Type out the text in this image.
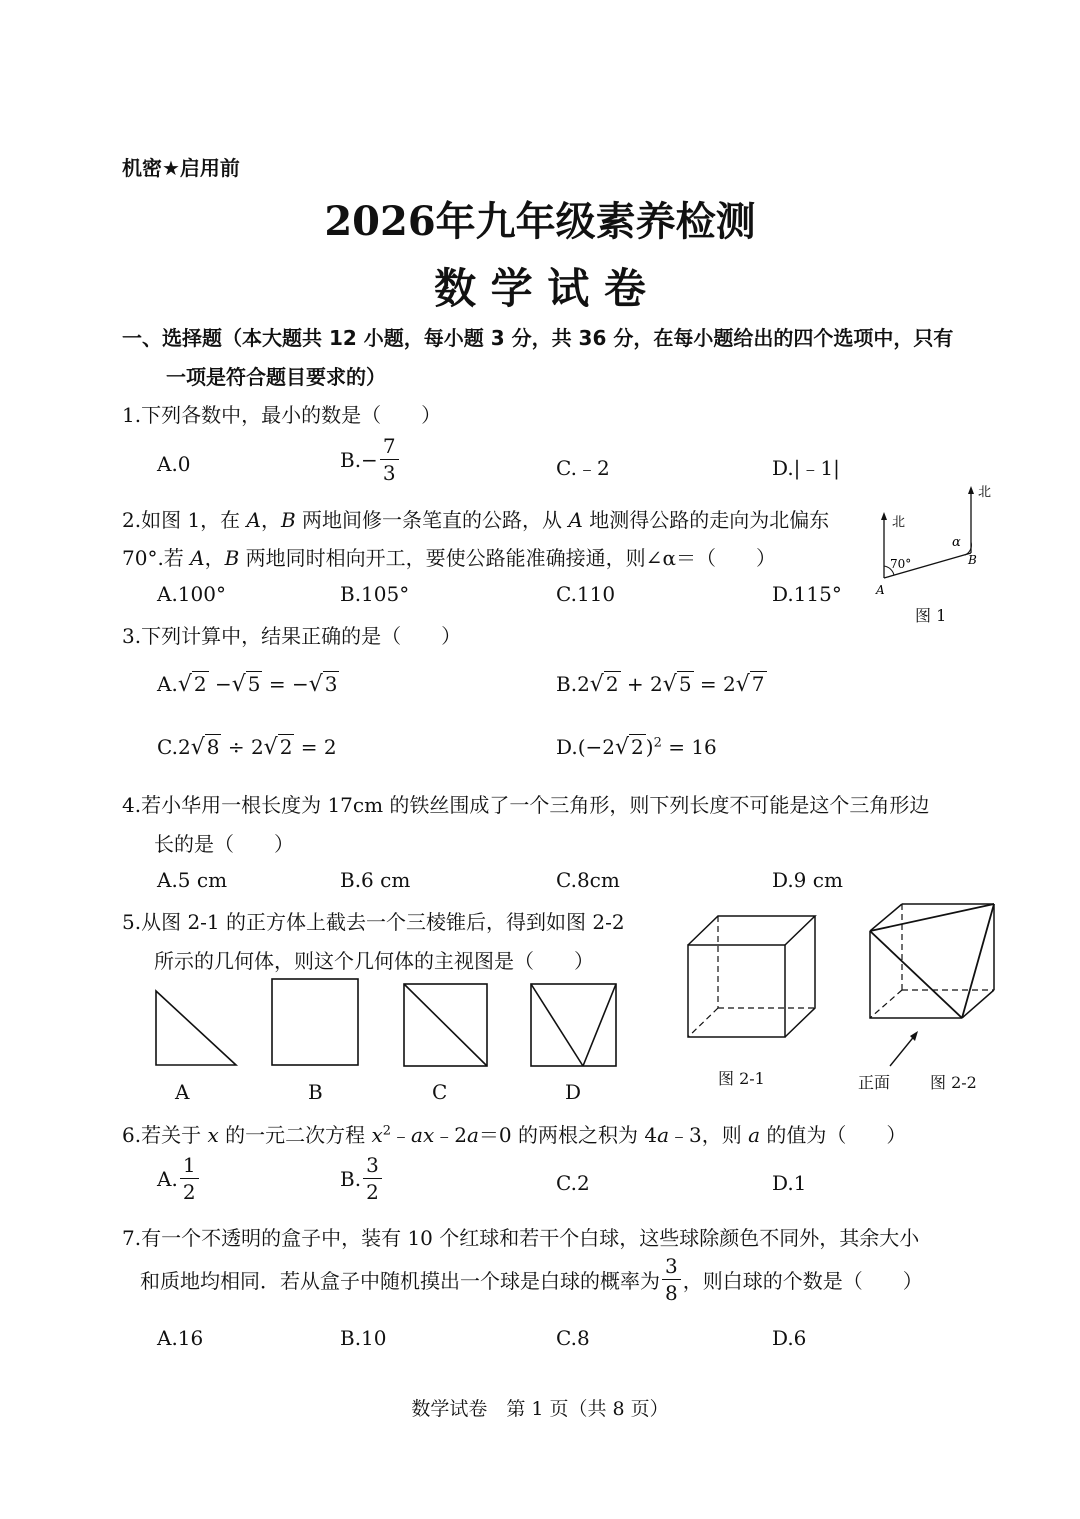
机密★启用前
2026年九年级素养检测
数 学 试 卷
一、选择题（本大题共 12 小题，每小题 3 分，共 36 分，在每小题给出的四个选项中，只有
一项是符合题目要求的）
1.下列各数中，最小的数是（　　）
A.0	$B.- \frac{7}{3}$	C.﹣2	D.|﹣1|
2.如图 1，在 A，B 两地间修一条笔直的公路，从 A 地测得公路的走向为北偏东
70°.若 A，B 两地同时相向开工，要使公路能准确接通，则∠α＝（　　）
A.100°	B.105°	C.110	D.115°
北
北
70°
α
A
B
图 1
3.下列计算中，结果正确的是（　　）
A.√ 2 −√ 5 = −√ 3	B.2√ 2 + 2√ 5 = 2√ 7
C.2√ 8 ÷ 2√ 2 = 2	D.(−2√ 2 )$^2$ = 16
4.若小华用一根长度为 17cm 的铁丝围成了一个三角形，则下列长度不可能是这个三角形边
长的是（　　）
A.5 cm	B.6 cm	C.8cm	D.9 cm
5.从图 2-1 的正方体上截去一个三棱锥后，得到如图 2-2
所示的几何体，则这个几何体的主视图是（　　）
A	B	C	D
图 2-1	正面 图 2-2
6.若关于 x 的一元二次方程 $x^2﹣ax﹣2a=0$ 的两根之积为 4a﹣3，则 a 的值为（　　）
A. $\frac{1}{2}$	B. $\frac{3}{2}$	C.2	D.1
7.有一个不透明的盒子中，装有 10 个红球和若干个白球，这些球除颜色不同外，其余大小
和质地均相同．若从盒子中随机摸出一个球是白球的概率为 $\frac{3}{8}$ ，则白球的个数是（　　）
A.16	B.10	C.8	D.6
数学试卷　第 1 页（共 8 页）
